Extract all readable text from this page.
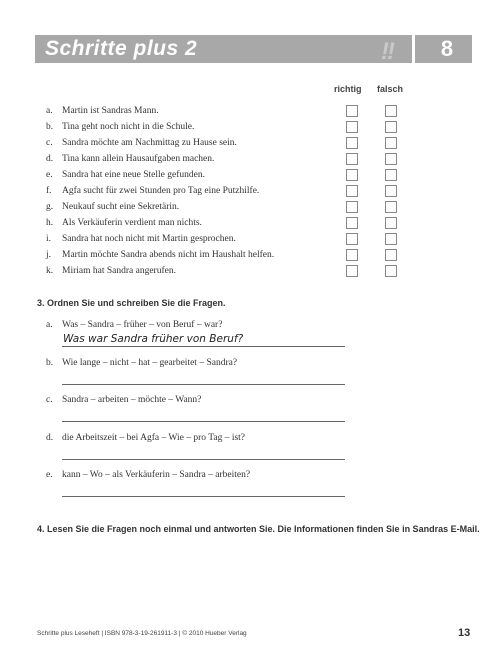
Schritte plus 2	!!	8
richtig falsch
a. Martin ist Sandras Mann.
b. Tina geht noch nicht in die Schule.
c. Sandra möchte am Nachmittag zu Hause sein.
d. Tina kann allein Hausaufgaben machen.
e. Sandra hat eine neue Stelle gefunden.
f. Agfa sucht für zwei Stunden pro Tag eine Putzhilfe.
g. Neukauf sucht eine Sekretärin.
h. Als Verkäuferin verdient man nichts.
i. Sandra hat noch nicht mit Martin gesprochen.
j. Martin möchte Sandra abends nicht im Haushalt helfen.
k. Miriam hat Sandra angerufen.
3. Ordnen Sie und schreiben Sie die Fragen.
a. Was – Sandra – früher – von Beruf – war?
b. Wie lange – nicht – hat – gearbeitet – Sandra?
c. Sandra – arbeiten – möchte – Wann?
d. die Arbeitszeit – bei Agfa – Wie – pro Tag – ist?
e. kann – Wo – als Verkäuferin – Sandra – arbeiten?
Was war Sandra früher von Beruf?
4. Lesen Sie die Fragen noch einmal und antworten Sie. Die Informationen finden Sie in Sandras E-Mail.
Schritte plus Leseheft | ISBN 978-3-19-261911-3 | © 2010 Hueber Verlag	13
